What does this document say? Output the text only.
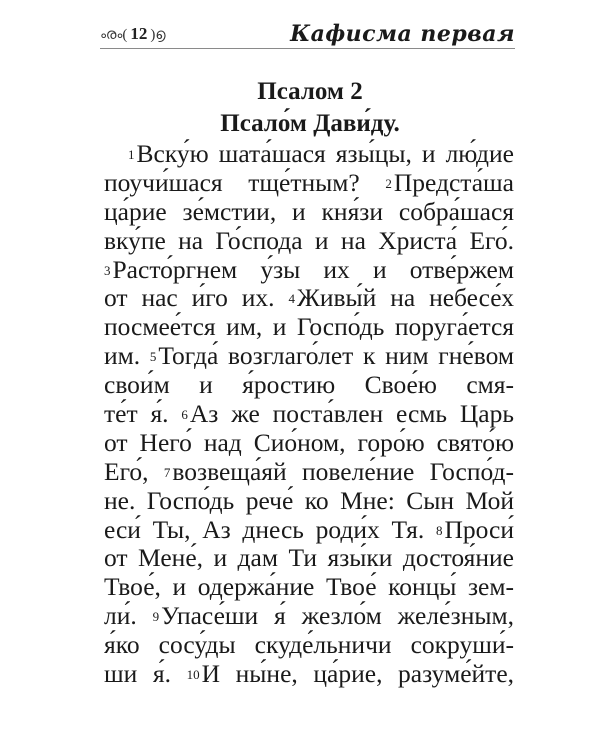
ൟ( 12 )൭	Кафисма первая
Псалом 2
Псало́м Дави́ду.
$^1$Вску́ю шата́шася язы́цы, и лю́дие
поучи́шася тще́тным? $^2$Предста́ша
ца́рие зе́мстии, и кня́зи собра́шася
вку́пе на Го́спода и на Христа́ Его́.
$^3$Расто́ргнем у́зы их и отве́ржем
от нас и́го их. $^4$Живы́й на небесе́х
посмее́тся им, и Госпо́дь поруга́ется
им. $^5$Тогда́ возглаго́лет к ним гне́вом
свои́м и я́ростию Свое́ю смя-
те́т я́. $^6$Аз же поста́влен есмь Царь
от Него́ над Сио́ном, горо́ю свято́ю
Его́, $^7$возвеща́яй повеле́ние Госпо́д-
не. Госпо́дь рече́ ко Мне: Сын Мой
еси́ Ты, Аз днесь роди́х Тя. $^8$Проси́
от Мене́, и дам Ти язы́ки достоя́ние
Твое́, и одержа́ние Твое́ концы́ зем-
ли́. $^9$Упасе́ши я́ жезло́м желе́зным,
я́ко сосу́ды скуде́льничи сокруши́-
ши я́. $^{10}$И ны́не, ца́рие, разуме́йте,
